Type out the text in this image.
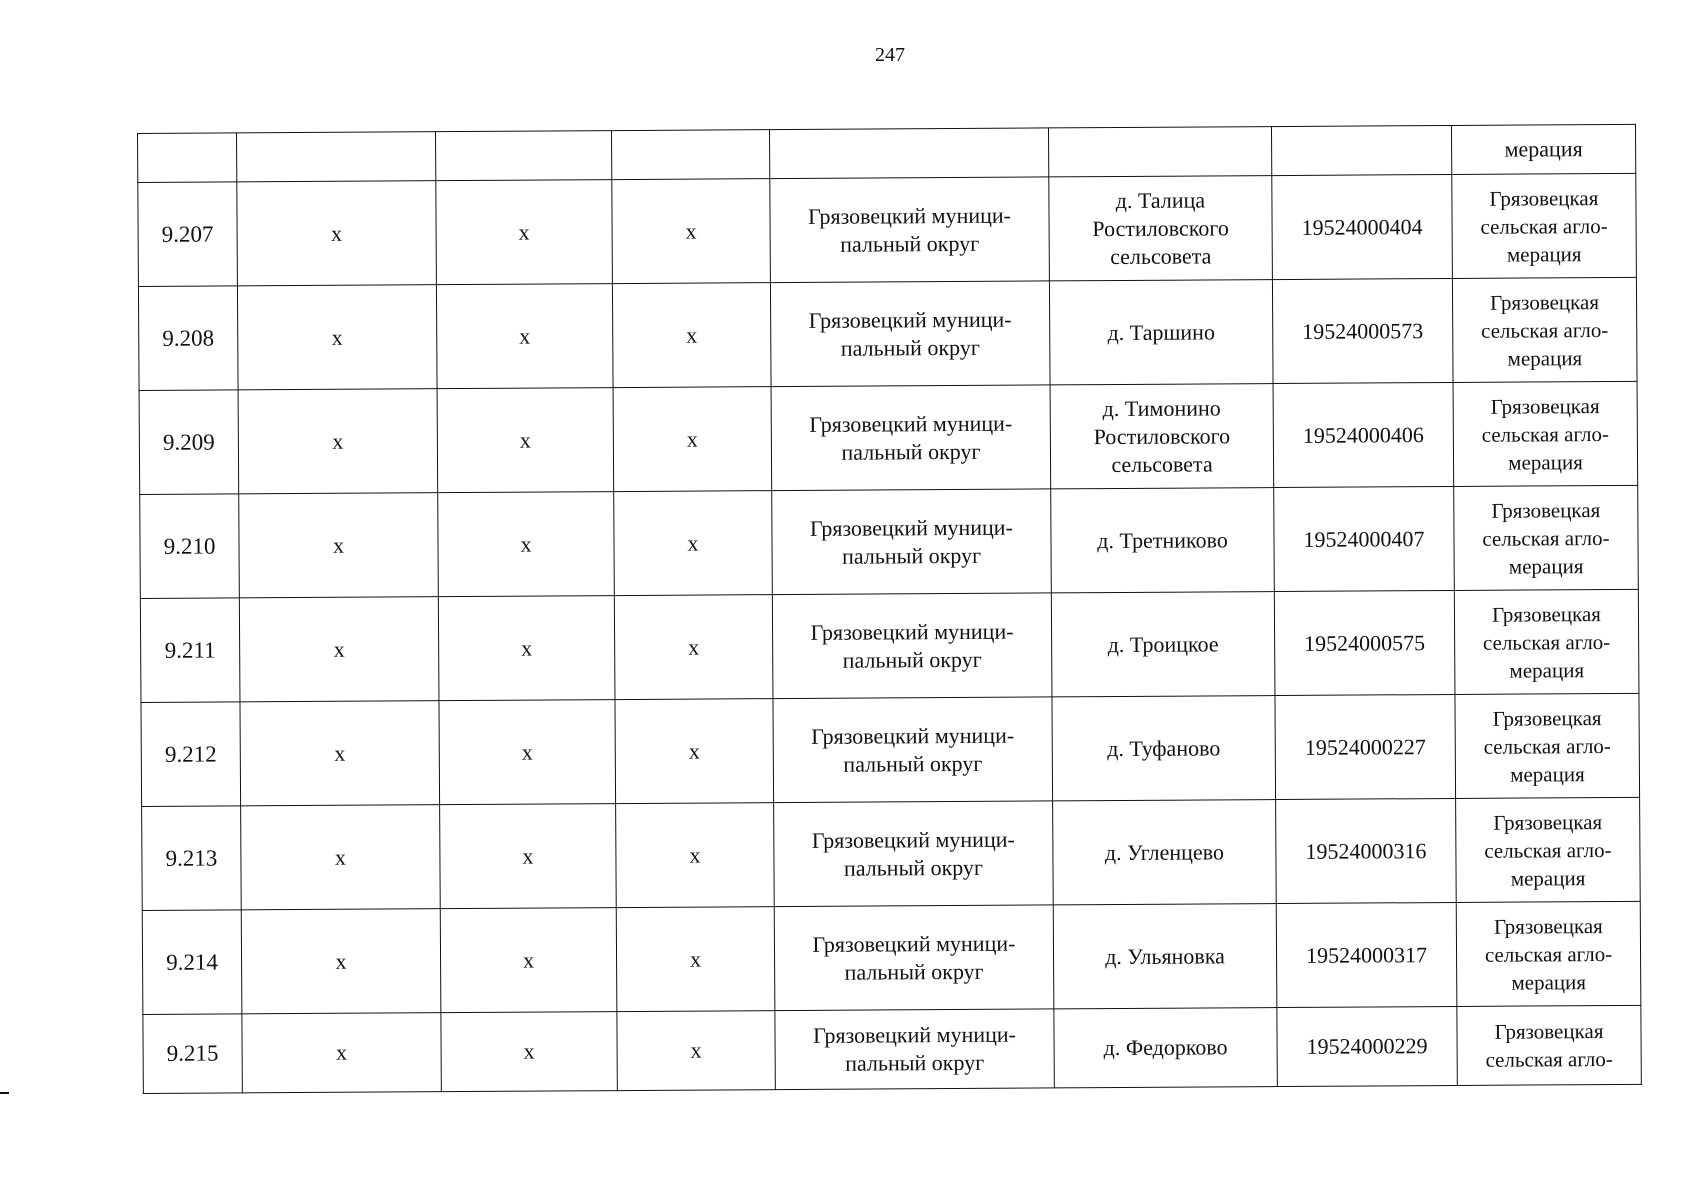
247
							мерация
9.207	х	х	х	Грязовецкий муници-
пальный округ	д. Талица
Ростиловского
сельсовета	19524000404	Грязовецкая
сельская агло-
мерация

9.208	х	х	х	Грязовецкий муници-
пальный округ	д. Таршино	19524000573	Грязовецкая
сельская агло-
мерация

9.209	х	х	х	Грязовецкий муници-
пальный округ	д. Тимонино
Ростиловского
сельсовета	19524000406	Грязовецкая
сельская агло-
мерация

9.210	х	х	х	Грязовецкий муници-
пальный округ	д. Третниково	19524000407	Грязовецкая
сельская агло-
мерация

9.211	х	х	х	Грязовецкий муници-
пальный округ	д. Троицкое	19524000575	Грязовецкая
сельская агло-
мерация

9.212	х	х	х	Грязовецкий муници-
пальный округ	д. Туфаново	19524000227	Грязовецкая
сельская агло-
мерация

9.213	х	х	х	Грязовецкий муници-
пальный округ	д. Угленцево	19524000316	Грязовецкая
сельская агло-
мерация

9.214	х	х	х	Грязовецкий муници-
пальный округ	д. Ульяновка	19524000317	Грязовецкая
сельская агло-
мерация

9.215	х	х	х	Грязовецкий муници-
пальный округ	д. Федорково	19524000229	Грязовецкая
сельская агло-
